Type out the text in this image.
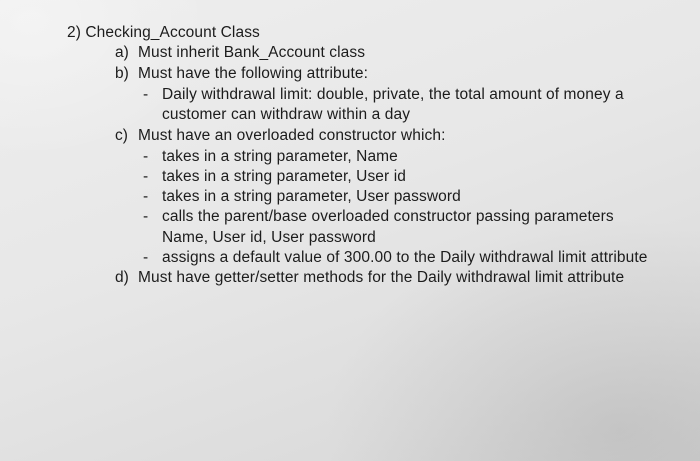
2) Checking_Account Class
a) Must inherit Bank_Account class
b) Must have the following attribute:
- Daily withdrawal limit: double, private, the total amount of money a
customer can withdraw within a day
c) Must have an overloaded constructor which:
- takes in a string parameter, Name
- takes in a string parameter, User id
- takes in a string parameter, User password
- calls the parent/base overloaded constructor passing parameters
Name, User id, User password
- assigns a default value of 300.00 to the Daily withdrawal limit attribute
d) Must have getter/setter methods for the Daily withdrawal limit attribute
